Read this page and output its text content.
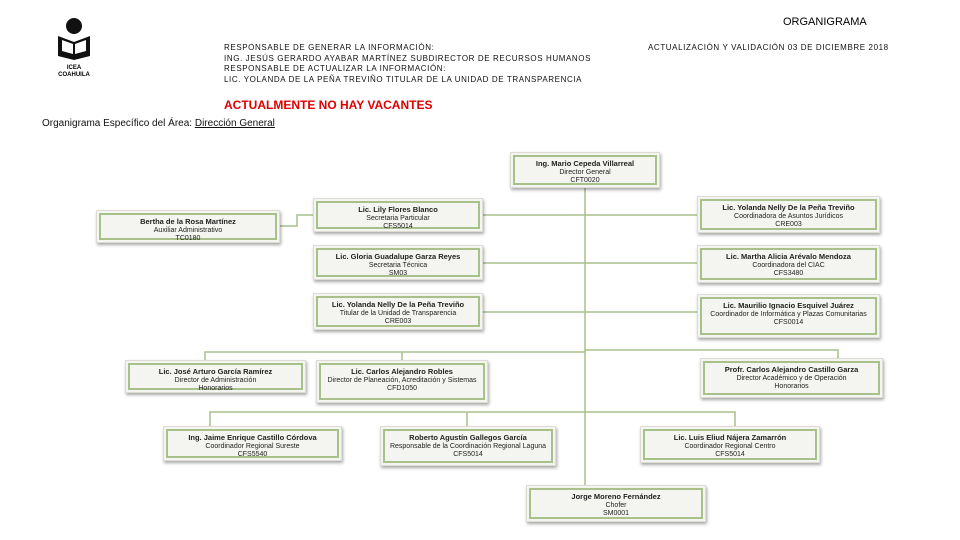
ICEA
COAHUILA
ORGANIGRAMA
RESPONSABLE DE GENERAR LA INFORMACIÓN:
ING. JESÚS GERARDO AYABAR MARTÍNEZ SUBDIRECTOR DE RECURSOS HUMANOS
RESPONSABLE DE ACTUALIZAR LA INFORMACIÓN:
LIC. YOLANDA DE LA PEÑA TREVIÑO TITULAR DE LA UNIDAD DE TRANSPARENCIA
ACTUALIZACIÓN Y VALIDACIÓN 03 DE DICIEMBRE 2018
ACTUALMENTE NO HAY VACANTES
Organigrama Específico del Área: Dirección General
Ing. Mario Cepeda Villarreal
Director General
CFT0020
Lic. Lily Flores Blanco
Secretaria Particular
CFS5014
Bertha de la Rosa Martínez
Auxiliar Administrativo
TC0180
Lic. Gloria Guadalupe Garza Reyes
Secretaria Técnica
SM03
Lic. Yolanda Nelly De la Peña Treviño
Titular de la Unidad de Transparencia
CRE003
Lic. Yolanda Nelly De la Peña Treviño
Coordinadora de Asuntos Jurídicos
CRE003
Lic. Martha Alicia Arévalo Mendoza
Coordinadora del CIAC
CFS3480
Lic. Maurilio Ignacio Esquivel Juárez
Coordinador de Informática y Plazas Comunitarias
CFS0014
Lic. José Arturo García Ramírez
Director de Administración
Honorarios
Lic. Carlos Alejandro Robles
Director de Planeación, Acreditación y Sistemas
CFD1050
Profr. Carlos Alejandro Castillo Garza
Director Académico y de Operación
Honorarios
Ing. Jaime Enrique Castillo Córdova
Coordinador Regional Sureste
CFS5540
Roberto Agustín Gallegos García
Responsable de la Coordinación Regional Laguna
CFS5014
Lic. Luis Eliud Nájera Zamarrón
Coordinador Regional Centro
CFS5014
Jorge Moreno Fernández
Chofer
SM0001
